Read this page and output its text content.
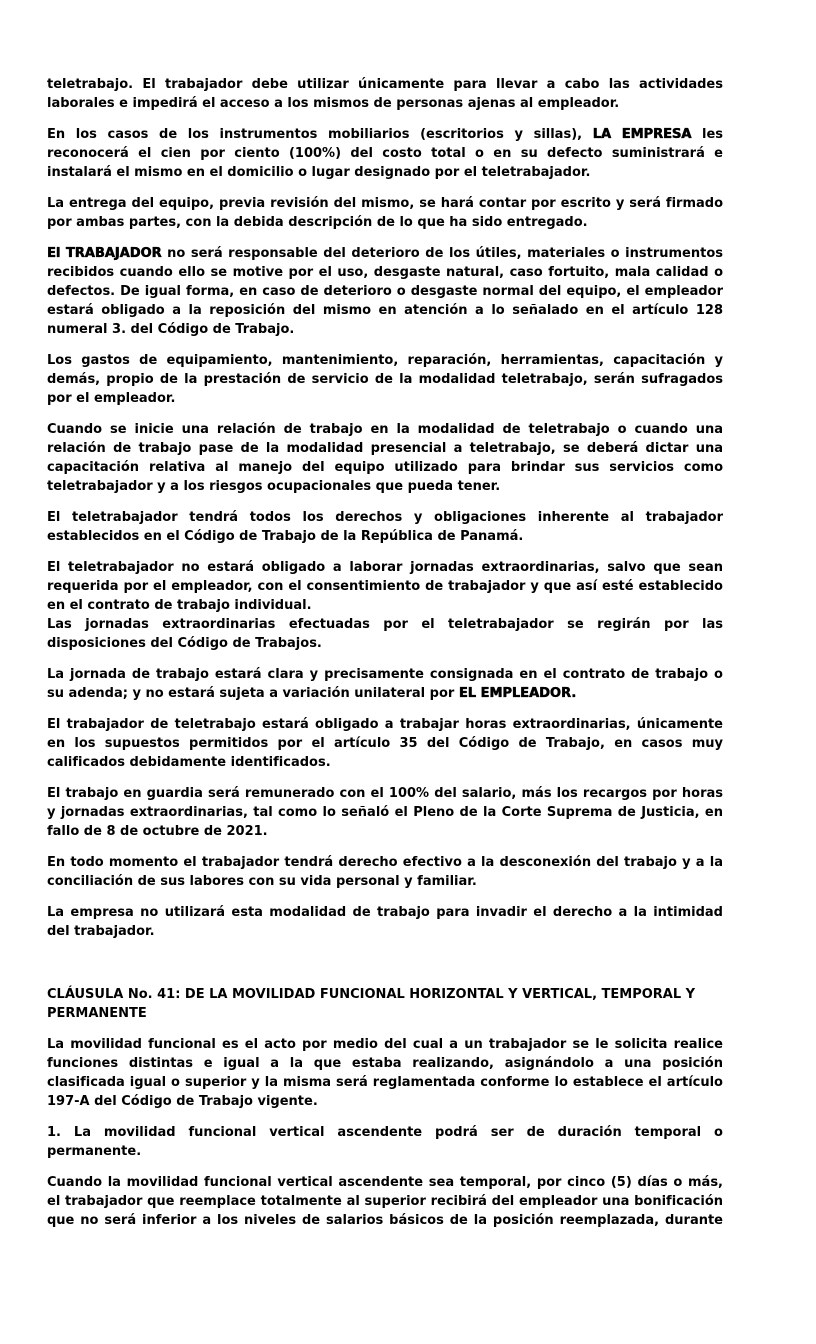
teletrabajo. El trabajador debe utilizar únicamente para llevar a cabo las actividades laborales e impedirá el acceso a los mismos de personas ajenas al empleador.

En los casos de los instrumentos mobiliarios (escritorios y sillas), LA EMPRESA les reconocerá el cien por ciento (100%) del costo total o en su defecto suministrará e instalará el mismo en el domicilio o lugar designado por el teletrabajador.

La entrega del equipo, previa revisión del mismo, se hará contar por escrito y será firmado por ambas partes, con la debida descripción de lo que ha sido entregado.

El TRABAJADOR no será responsable del deterioro de los útiles, materiales o instrumentos recibidos cuando ello se motive por el uso, desgaste natural, caso fortuito, mala calidad o defectos. De igual forma, en caso de deterioro o desgaste normal del equipo, el empleador estará obligado a la reposición del mismo en atención a lo señalado en el artículo 128 numeral 3. del Código de Trabajo.

Los gastos de equipamiento, mantenimiento, reparación, herramientas, capacitación y demás, propio de la prestación de servicio de la modalidad teletrabajo, serán sufragados por el empleador.

Cuando se inicie una relación de trabajo en la modalidad de teletrabajo o cuando una relación de trabajo pase de la modalidad presencial a teletrabajo, se deberá dictar una capacitación relativa al manejo del equipo utilizado para brindar sus servicios como teletrabajador y a los riesgos ocupacionales que pueda tener.

El teletrabajador tendrá todos los derechos y obligaciones inherente al trabajador establecidos en el Código de Trabajo de la República de Panamá.

El teletrabajador no estará obligado a laborar jornadas extraordinarias, salvo que sean requerida por el empleador, con el consentimiento de trabajador y que así esté establecido en el contrato de trabajo individual.

Las jornadas extraordinarias efectuadas por el teletrabajador se regirán por las disposiciones del Código de Trabajos.

La jornada de trabajo estará clara y precisamente consignada en el contrato de trabajo o su adenda; y no estará sujeta a variación unilateral por EL EMPLEADOR.

El trabajador de teletrabajo estará obligado a trabajar horas extraordinarias, únicamente en los supuestos permitidos por el artículo 35 del Código de Trabajo, en casos muy calificados debidamente identificados.

El trabajo en guardia será remunerado con el 100% del salario, más los recargos por horas y jornadas extraordinarias, tal como lo señaló el Pleno de la Corte Suprema de Justicia, en fallo de 8 de octubre de 2021.

En todo momento el trabajador tendrá derecho efectivo a la desconexión del trabajo y a la conciliación de sus labores con su vida personal y familiar.

La empresa no utilizará esta modalidad de trabajo para invadir el derecho a la intimidad del trabajador.

CLÁUSULA No. 41: DE LA MOVILIDAD FUNCIONAL HORIZONTAL Y VERTICAL, TEMPORAL Y PERMANENTE

La movilidad funcional es el acto por medio del cual a un trabajador se le solicita realice funciones distintas e igual a la que estaba realizando, asignándolo a una posición clasificada igual o superior y la misma será reglamentada conforme lo establece el artículo 197-A del Código de Trabajo vigente.

1. La movilidad funcional vertical ascendente podrá ser de duración temporal o permanente.

Cuando la movilidad funcional vertical ascendente sea temporal, por cinco (5) días o más, el trabajador que reemplace totalmente al superior recibirá del empleador una bonificación que no será inferior a los niveles de salarios básicos de la posición reemplazada, durante
